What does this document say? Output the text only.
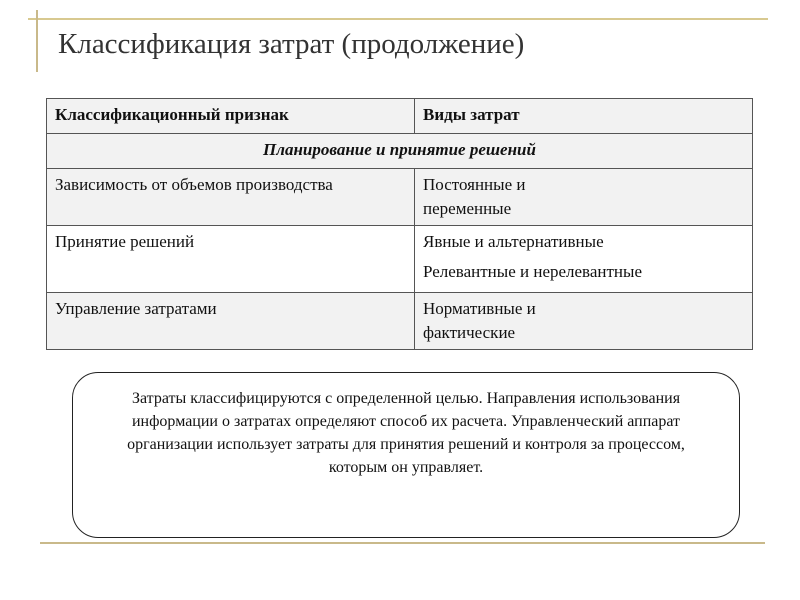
Классификация затрат (продолжение)
Классификационный признак	Виды затрат
Планирование и принятие решений	
Зависимость от объемов производства	Постоянные и переменные

Принятие решений	Явные и альтернативные
Релевантные и нерелевантные

Управление затратами	Нормативные и фактические
Затраты классифицируются с определенной целью. Направления использования информации о затратах определяют способ их расчета. Управленческий аппарат организации использует затраты для принятия решений и контроля за процессом, которым он управляет.
